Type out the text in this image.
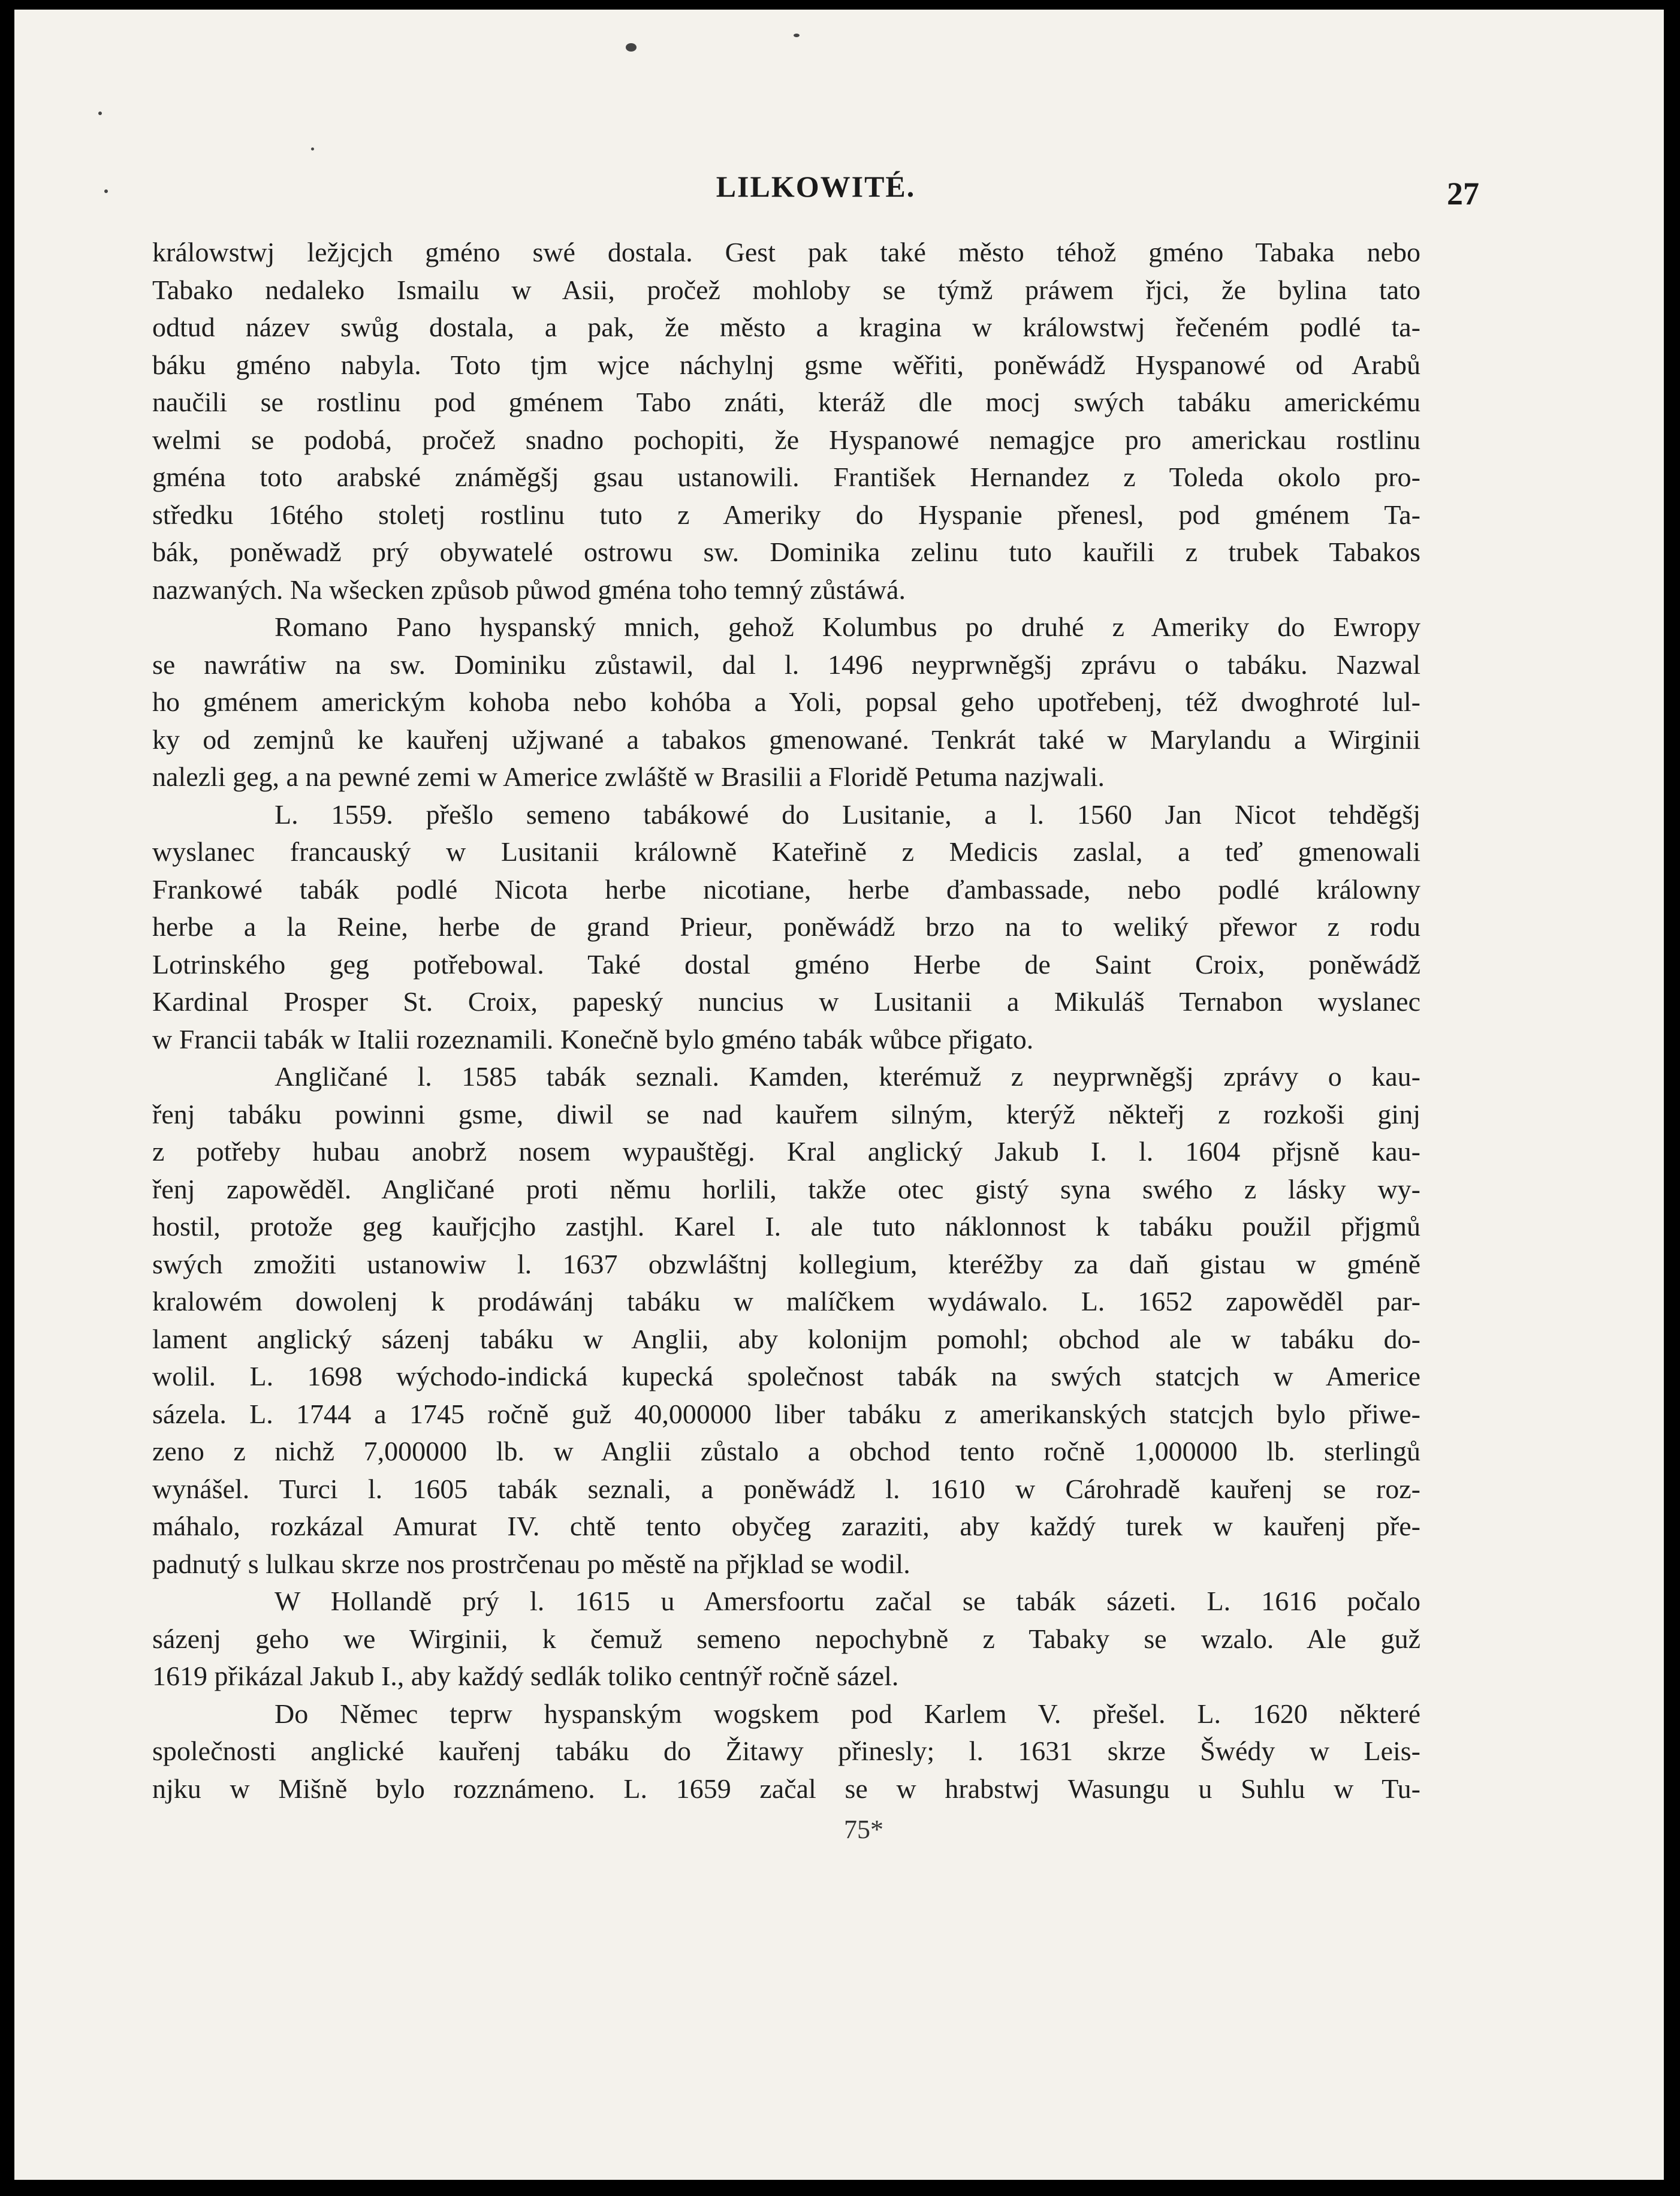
LILKOWITÉ.	27
králowstwj ležjcjch gméno swé dostala. Gest pak také město téhož gméno Tabaka nebo
Tabako nedaleko Ismailu w Asii, pročež mohloby se týmž práwem řjci, že bylina tato
odtud název swůg dostala, a pak, že město a kragina w králowstwj řečeném podlé ta-
báku gméno nabyla. Toto tjm wjce náchylnj gsme wěřiti, poněwádž Hyspanowé od Arabů
naučili se rostlinu pod gménem Tabo znáti, kteráž dle mocj swých tabáku americkému
welmi se podobá, pročež snadno pochopiti, že Hyspanowé nemagjce pro americkau rostlinu
gména toto arabské známěgšj gsau ustanowili. František Hernandez z Toleda okolo pro-
středku 16tého stoletj rostlinu tuto z Ameriky do Hyspanie přenesl, pod gménem Ta-
bák, poněwadž prý obywatelé ostrowu sw. Dominika zelinu tuto kauřili z trubek Tabakos
nazwaných. Na wšecken způsob půwod gména toho temný zůstáwá.
Romano Pano hyspanský mnich, gehož Kolumbus po druhé z Ameriky do Ewropy
se nawrátiw na sw. Dominiku zůstawil, dal l. 1496 neyprwněgšj zprávu o tabáku. Nazwal
ho gménem americkým kohoba nebo kohóba a Yoli, popsal geho upotřebenj, též dwoghroté lul-
ky od zemjnů ke kauřenj užjwané a tabakos gmenowané. Tenkrát také w Marylandu a Wirginii
nalezli geg, a na pewné zemi w Americe zwláště w Brasilii a Floridě Petuma nazjwali.
L. 1559. přešlo semeno tabákowé do Lusitanie, a l. 1560 Jan Nicot tehděgšj
wyslanec francauský w Lusitanii králowně Kateřině z Medicis zaslal, a teď gmenowali
Frankowé tabák podlé Nicota herbe nicotiane, herbe ďambassade, nebo podlé králowny
herbe a la Reine, herbe de grand Prieur, poněwádž brzo na to weliký přewor z rodu
Lotrinského geg potřebowal. Také dostal gméno Herbe de Saint Croix, poněwádž
Kardinal Prosper St. Croix, papeský nuncius w Lusitanii a Mikuláš Ternabon wyslanec
w Francii tabák w Italii rozeznamili. Konečně bylo gméno tabák wůbce přigato.
Angličané l. 1585 tabák seznali. Kamden, kterémuž z neyprwněgšj zprávy o kau-
řenj tabáku powinni gsme, diwil se nad kauřem silným, kterýž někteřj z rozkoši ginj
z potřeby hubau anobrž nosem wypauštěgj. Kral anglický Jakub I. l. 1604 přjsně kau-
řenj zapowěděl. Angličané proti němu horlili, takže otec gistý syna swého z lásky wy-
hostil, protože geg kauřjcjho zastjhl. Karel I. ale tuto náklonnost k tabáku použil přjgmů
swých zmožiti ustanowiw l. 1637 obzwláštnj kollegium, kteréžby za daň gistau w gméně
kralowém dowolenj k prodáwánj tabáku w malíčkem wydáwalo. L. 1652 zapowěděl par-
lament anglický sázenj tabáku w Anglii, aby kolonijm pomohl; obchod ale w tabáku do-
wolil. L. 1698 wýchodo-indická kupecká společnost tabák na swých statcjch w Americe
sázela. L. 1744 a 1745 ročně guž 40,000000 liber tabáku z amerikanských statcjch bylo přiwe-
zeno z nichž 7,000000 lb. w Anglii zůstalo a obchod tento ročně 1,000000 lb. sterlingů
wynášel. Turci l. 1605 tabák seznali, a poněwádž l. 1610 w Cárohradě kauřenj se roz-
máhalo, rozkázal Amurat IV. chtě tento obyčeg zaraziti, aby každý turek w kauřenj pře-
padnutý s lulkau skrze nos prostrčenau po městě na přjklad se wodil.
W Hollandě prý l. 1615 u Amersfoortu začal se tabák sázeti. L. 1616 počalo
sázenj geho we Wirginii, k čemuž semeno nepochybně z Tabaky se wzalo. Ale guž
1619 přikázal Jakub I., aby každý sedlák toliko centnýř ročně sázel.
Do Němec teprw hyspanským wogskem pod Karlem V. přešel. L. 1620 některé
společnosti anglické kauřenj tabáku do Žitawy přinesly; l. 1631 skrze Šwédy w Leis-
njku w Mišně bylo rozznámeno. L. 1659 začal se w hrabstwj Wasungu u Suhlu w Tu-
75*
